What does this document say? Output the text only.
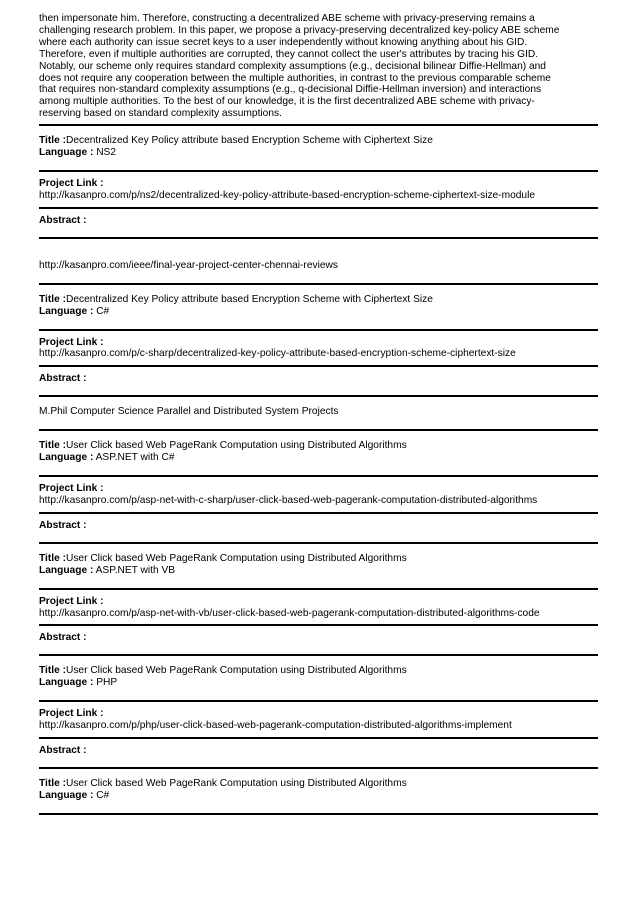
then impersonate him. Therefore, constructing a decentralized ABE scheme with privacy-preserving remains a
challenging research problem. In this paper, we propose a privacy-preserving decentralized key-policy ABE scheme
where each authority can issue secret keys to a user independently without knowing anything about his GID.
Therefore, even if multiple authorities are corrupted, they cannot collect the user's attributes by tracing his GID.
Notably, our scheme only requires standard complexity assumptions (e.g., decisional bilinear Diffie-Hellman) and
does not require any cooperation between the multiple authorities, in contrast to the previous comparable scheme
that requires non-standard complexity assumptions (e.g., q-decisional Diffie-Hellman inversion) and interactions
among multiple authorities. To the best of our knowledge, it is the first decentralized ABE scheme with privacy-
reserving based on standard complexity assumptions.
Title :Decentralized Key Policy attribute based Encryption Scheme with Ciphertext Size
Language : NS2
Project Link :
http://kasanpro.com/p/ns2/decentralized-key-policy-attribute-based-encryption-scheme-ciphertext-size-module
Abstract :
http://kasanpro.com/ieee/final-year-project-center-chennai-reviews
Title :Decentralized Key Policy attribute based Encryption Scheme with Ciphertext Size
Language : C#
Project Link :
http://kasanpro.com/p/c-sharp/decentralized-key-policy-attribute-based-encryption-scheme-ciphertext-size
Abstract :
M.Phil Computer Science Parallel and Distributed System Projects
Title :User Click based Web PageRank Computation using Distributed Algorithms
Language : ASP.NET with C#
Project Link :
http://kasanpro.com/p/asp-net-with-c-sharp/user-click-based-web-pagerank-computation-distributed-algorithms
Abstract :
Title :User Click based Web PageRank Computation using Distributed Algorithms
Language : ASP.NET with VB
Project Link :
http://kasanpro.com/p/asp-net-with-vb/user-click-based-web-pagerank-computation-distributed-algorithms-code
Abstract :
Title :User Click based Web PageRank Computation using Distributed Algorithms
Language : PHP
Project Link :
http://kasanpro.com/p/php/user-click-based-web-pagerank-computation-distributed-algorithms-implement
Abstract :
Title :User Click based Web PageRank Computation using Distributed Algorithms
Language : C#
